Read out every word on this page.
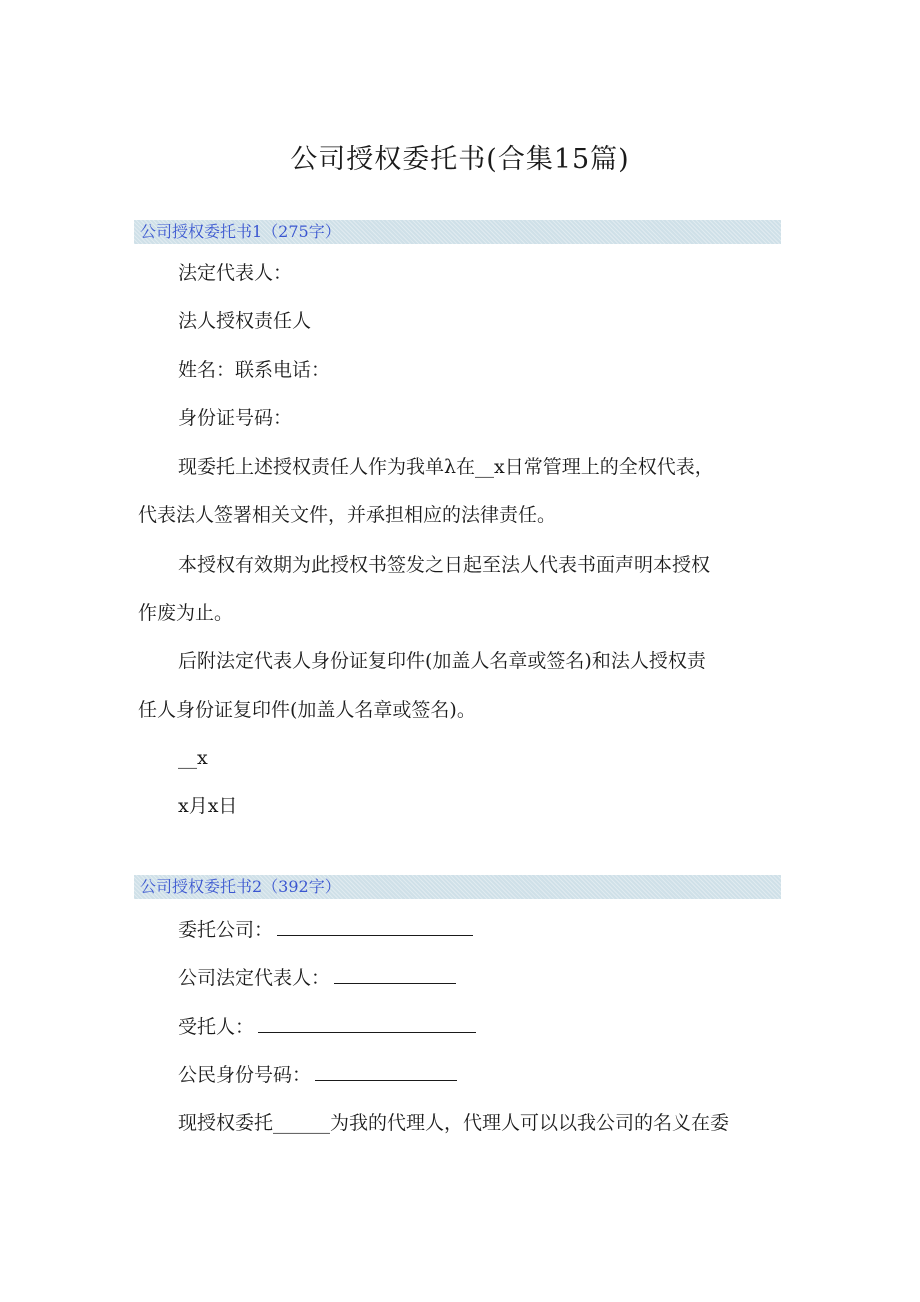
公司授权委托书(合集15篇)
公司授权委托书1（275字）
法定代表人：
法人授权责任人
姓名：联系电话：
身份证号码：
现委托上述授权责任人作为我单λ在__x日常管理上的全权代表，
代表法人签署相关文件，并承担相应的法律责任。
本授权有效期为此授权书签发之日起至法人代表书面声明本授权
作废为止。
后附法定代表人身份证复印件(加盖人名章或签名)和法人授权责
任人身份证复印件(加盖人名章或签名)。
__x
x月x日
公司授权委托书2（392字）
委托公司：
公司法定代表人：
受托人：
公民身份号码：
现授权委托______为我的代理人，代理人可以以我公司的名义在委
